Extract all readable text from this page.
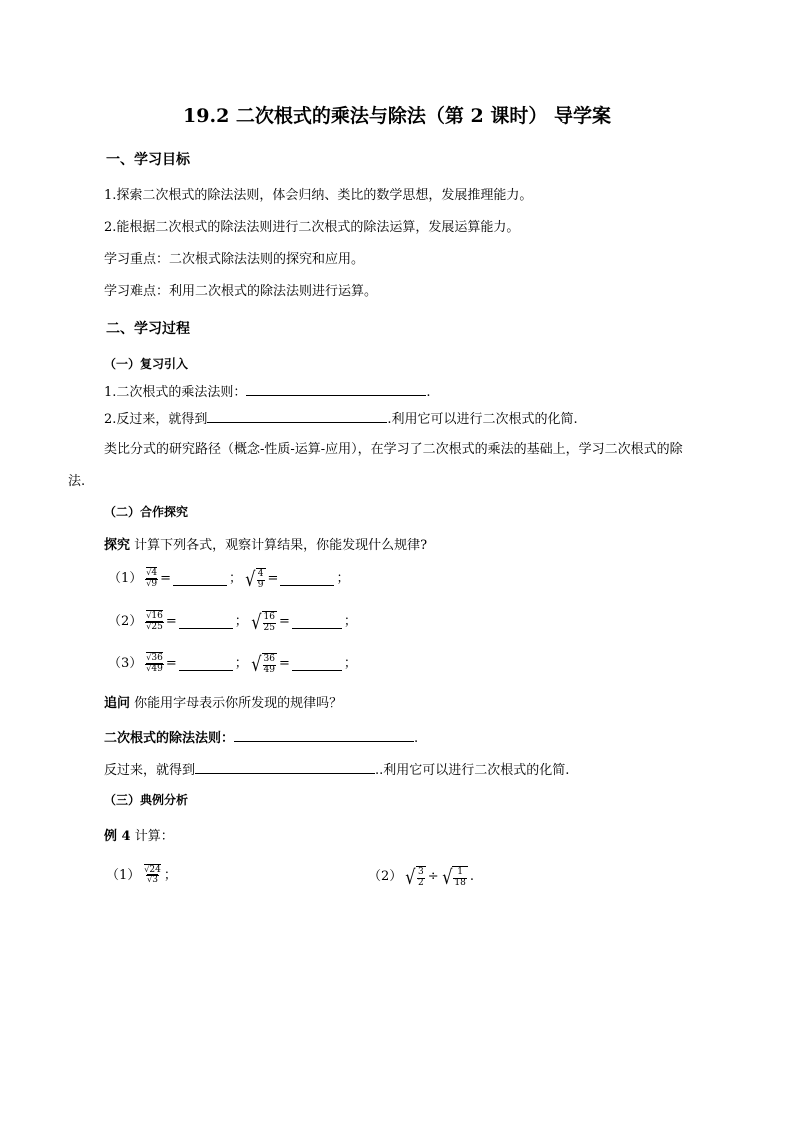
19.2 二次根式的乘法与除法（第 2 课时） 导学案
一、学习目标
1.探索二次根式的除法法则，体会归纳、类比的数学思想，发展推理能力。
2.能根据二次根式的除法法则进行二次根式的除法运算，发展运算能力。
学习重点：二次根式除法法则的探究和应用。
学习难点：利用二次根式的除法法则进行运算。
二、学习过程
（一）复习引入
1.二次根式的乘法法则：	.
2.反过来，就得到	.利用它可以进行二次根式的化简.
类比分式的研究路径（概念-性质-运算-应用），在学习了二次根式的乘法的基础上，学习二次根式的除
法.
（二）合作探究
探究 计算下列各式，观察计算结果，你能发现什么规律?
（1） √ 4
√ 9 =	； √ $\frac{4}{9}$ =	；
（2） √ 16
√ 25 =	； √ $\frac{16}{25}$ =	；
（3） √ 36
√ 49 =	； √ $\frac{36}{49}$ =	；
追问 你能用字母表示你所发现的规律吗？
二次根式的除法法则：	.
反过来，就得到	..利用它可以进行二次根式的化简.
（三）典例分析
例 4 计算：
（1） √ 24
√ 3 ；	（2） √ $\frac{3}{2}$ ÷ √ $\frac{1}{18}$ .
